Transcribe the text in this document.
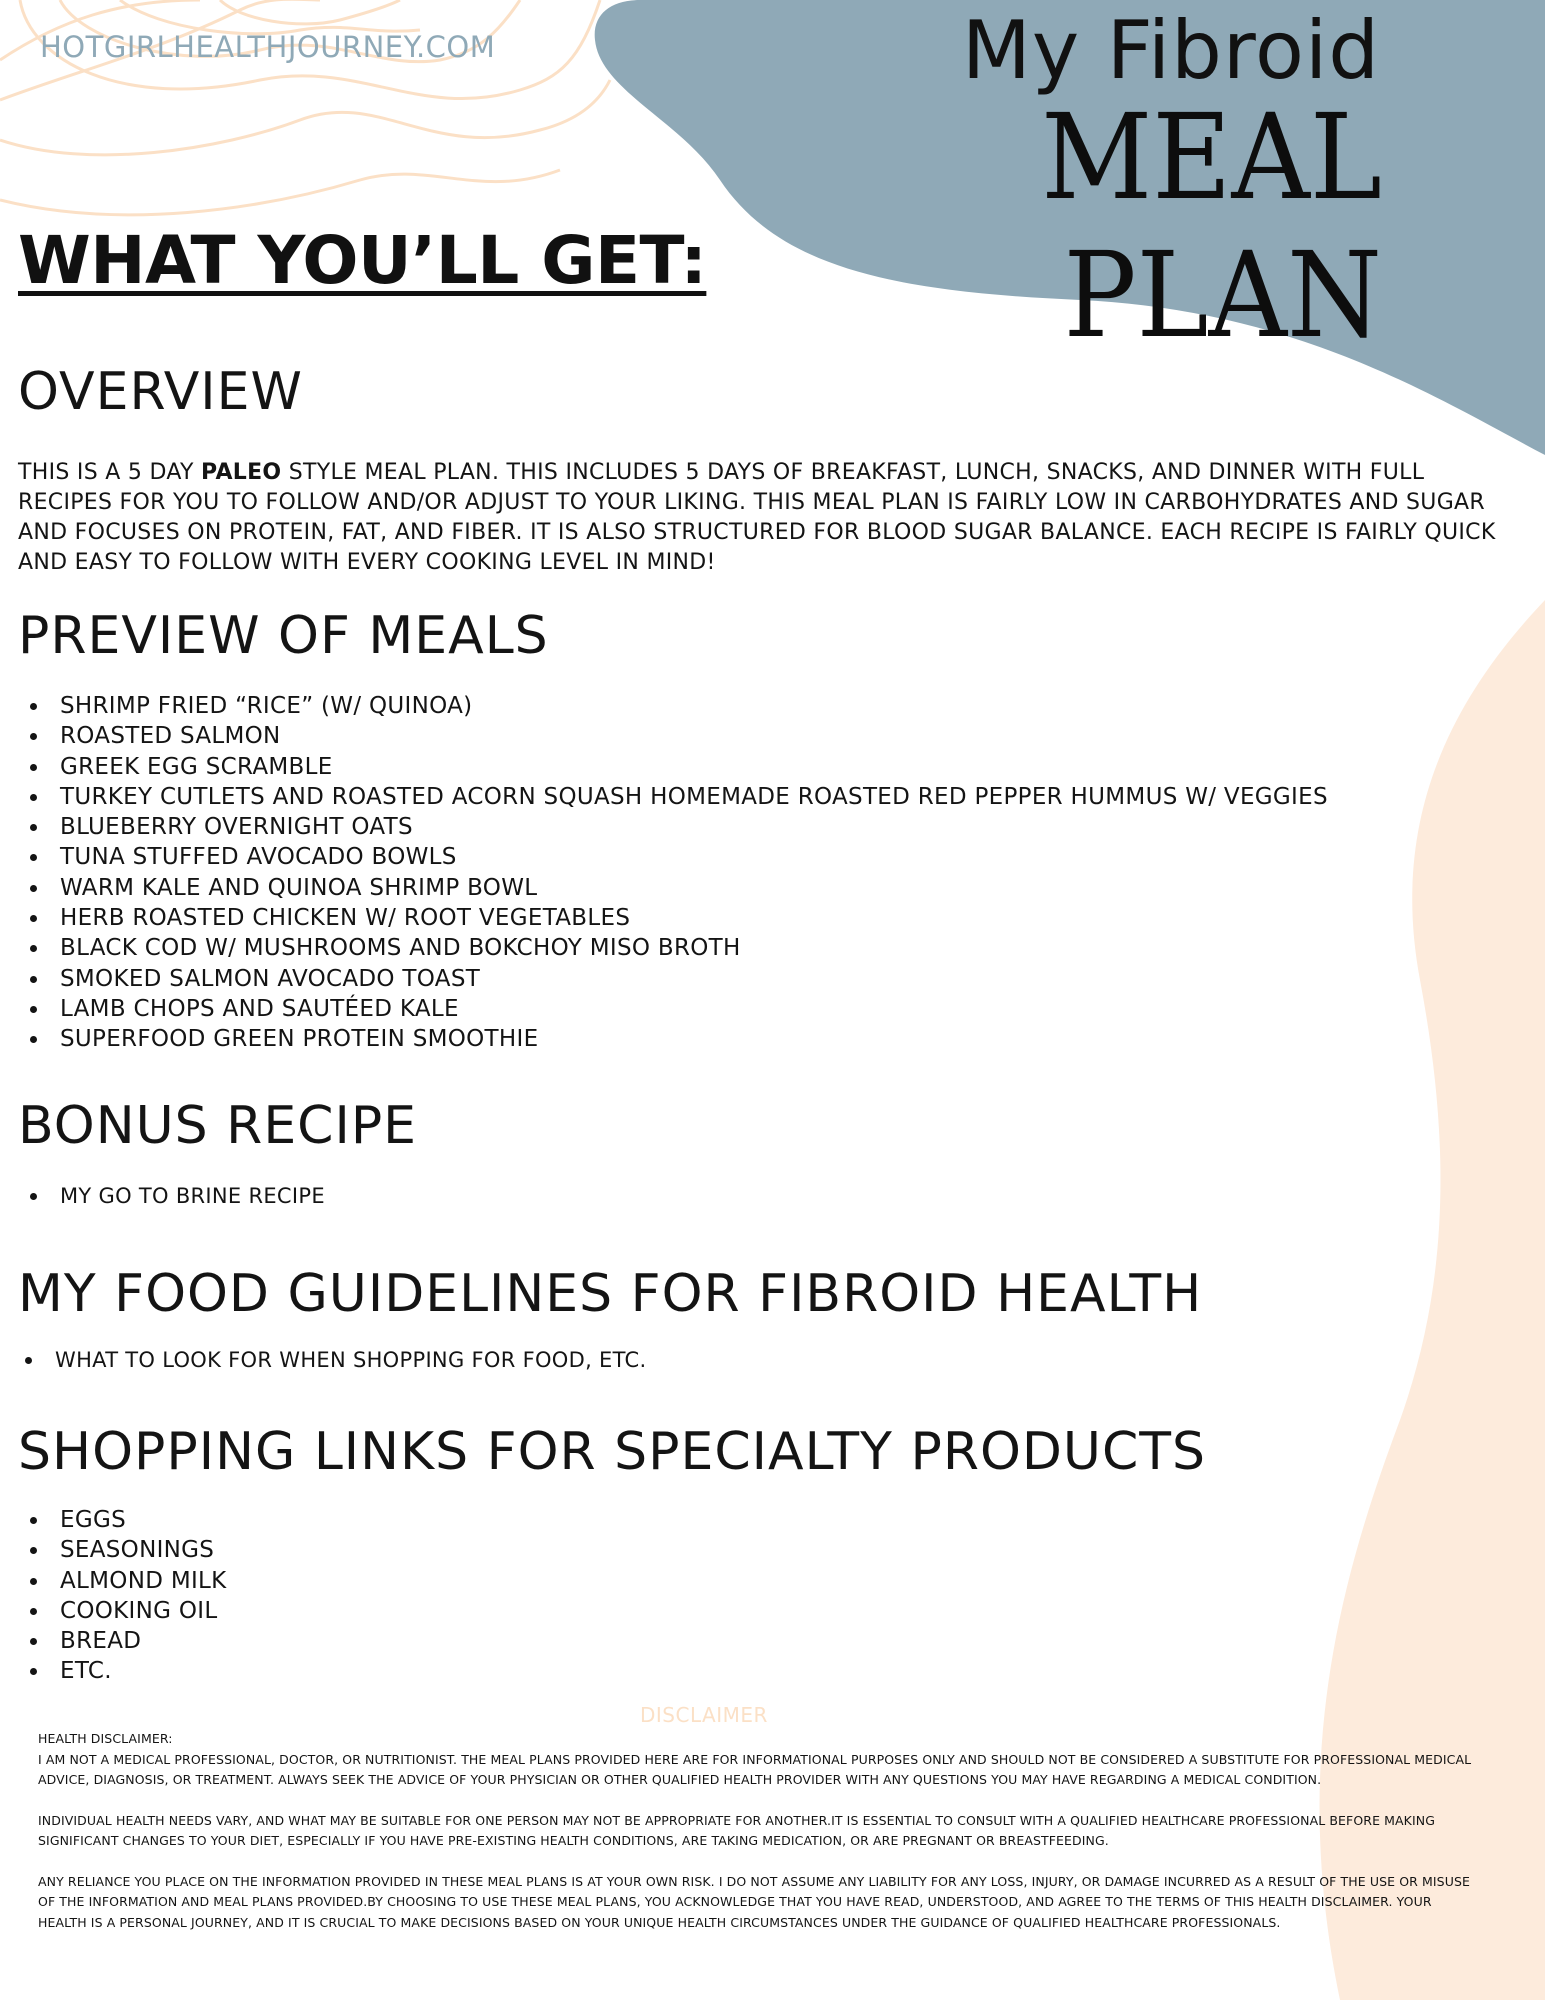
HOTGIRLHEALTHJOURNEY.COM	My Fibroid
MEAL PLAN
WHAT YOU’LL GET:
OVERVIEW
THIS IS A 5 DAY PALEO STYLE MEAL PLAN. THIS INCLUDES 5 DAYS OF BREAKFAST, LUNCH, SNACKS, AND DINNER WITH FULL RECIPES FOR YOU TO FOLLOW AND/OR ADJUST TO YOUR LIKING. THIS MEAL PLAN IS FAIRLY LOW IN CARBOHYDRATES AND SUGAR AND FOCUSES ON PROTEIN, FAT, AND FIBER. IT IS ALSO STRUCTURED FOR BLOOD SUGAR BALANCE. EACH RECIPE IS FAIRLY QUICK AND EASY TO FOLLOW WITH EVERY COOKING LEVEL IN MIND!
PREVIEW OF MEALS
SHRIMP FRIED “RICE” (W/ QUINOA)
ROASTED SALMON
GREEK EGG SCRAMBLE
TURKEY CUTLETS AND ROASTED ACORN SQUASH HOMEMADE ROASTED RED PEPPER HUMMUS W/ VEGGIES
BLUEBERRY OVERNIGHT OATS
TUNA STUFFED AVOCADO BOWLS
WARM KALE AND QUINOA SHRIMP BOWL
HERB ROASTED CHICKEN W/ ROOT VEGETABLES
BLACK COD W/ MUSHROOMS AND BOKCHOY MISO BROTH
SMOKED SALMON AVOCADO TOAST
LAMB CHOPS AND SAUTÉED KALE
SUPERFOOD GREEN PROTEIN SMOOTHIE
BONUS RECIPE
MY GO TO BRINE RECIPE
MY FOOD GUIDELINES FOR FIBROID HEALTH
WHAT TO LOOK FOR WHEN SHOPPING FOR FOOD, ETC.
SHOPPING LINKS FOR SPECIALTY PRODUCTS
EGGS
SEASONINGS
ALMOND MILK
COOKING OIL
BREAD
ETC.
DISCLAIMER

HEALTH DISCLAIMER:

I AM NOT A MEDICAL PROFESSIONAL, DOCTOR, OR NUTRITIONIST. THE MEAL PLANS PROVIDED HERE ARE FOR INFORMATIONAL PURPOSES ONLY AND SHOULD NOT BE CONSIDERED A SUBSTITUTE FOR PROFESSIONAL MEDICAL ADVICE, DIAGNOSIS, OR TREATMENT. ALWAYS SEEK THE ADVICE OF YOUR PHYSICIAN OR OTHER QUALIFIED HEALTH PROVIDER WITH ANY QUESTIONS YOU MAY HAVE REGARDING A MEDICAL CONDITION.

INDIVIDUAL HEALTH NEEDS VARY, AND WHAT MAY BE SUITABLE FOR ONE PERSON MAY NOT BE APPROPRIATE FOR ANOTHER.IT IS ESSENTIAL TO CONSULT WITH A QUALIFIED HEALTHCARE PROFESSIONAL BEFORE MAKING SIGNIFICANT CHANGES TO YOUR DIET, ESPECIALLY IF YOU HAVE PRE-EXISTING HEALTH CONDITIONS, ARE TAKING MEDICATION, OR ARE PREGNANT OR BREASTFEEDING.

ANY RELIANCE YOU PLACE ON THE INFORMATION PROVIDED IN THESE MEAL PLANS IS AT YOUR OWN RISK. I DO NOT ASSUME ANY LIABILITY FOR ANY LOSS, INJURY, OR DAMAGE INCURRED AS A RESULT OF THE USE OR MISUSE OF THE INFORMATION AND MEAL PLANS PROVIDED.BY CHOOSING TO USE THESE MEAL PLANS, YOU ACKNOWLEDGE THAT YOU HAVE READ, UNDERSTOOD, AND AGREE TO THE TERMS OF THIS HEALTH DISCLAIMER. YOUR HEALTH IS A PERSONAL JOURNEY, AND IT IS CRUCIAL TO MAKE DECISIONS BASED ON YOUR UNIQUE HEALTH CIRCUMSTANCES UNDER THE GUIDANCE OF QUALIFIED HEALTHCARE PROFESSIONALS.
